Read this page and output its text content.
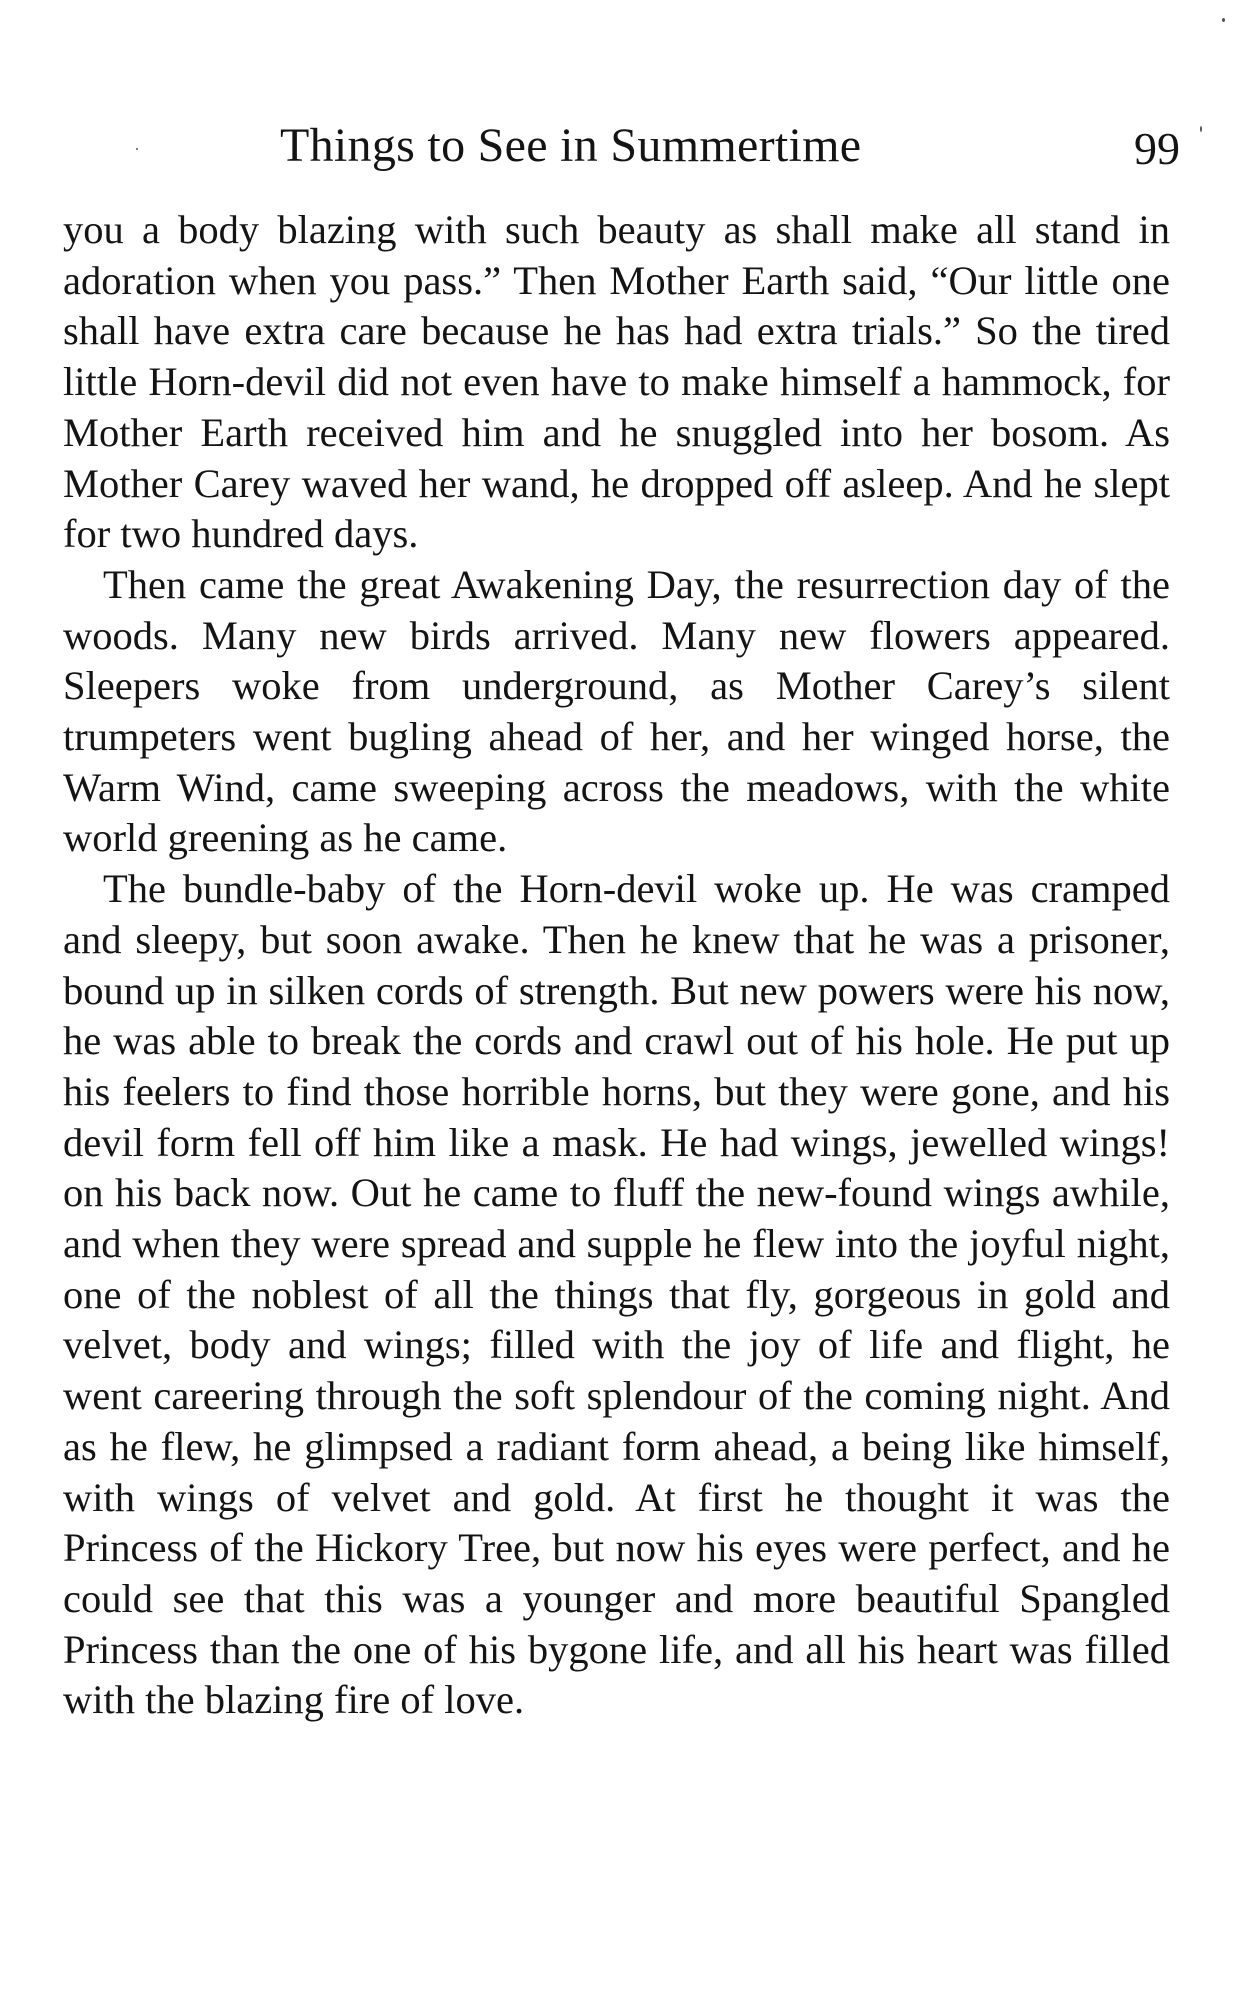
Things to See in Summertime	99

you a body blazing with such beauty as shall make all stand in adoration when you pass.” Then Mother Earth said, “Our little one shall have extra care because he has had extra trials.” So the tired little Horn-devil did not even have to make himself a hammock, for Mother Earth received him and he snuggled into her bosom. As Mother Carey waved her wand, he dropped off asleep. And he slept for two hundred days.

Then came the great Awakening Day, the resurrection day of the woods. Many new birds arrived. Many new flowers appeared. Sleepers woke from underground, as Mother Carey’s silent trumpeters went bugling ahead of her, and her winged horse, the Warm Wind, came sweeping across the meadows, with the white world greening as he came.

The bundle-baby of the Horn-devil woke up. He was cramped and sleepy, but soon awake. Then he knew that he was a prisoner, bound up in silken cords of strength. But new powers were his now, he was able to break the cords and crawl out of his hole. He put up his feelers to find those horrible horns, but they were gone, and his devil form fell off him like a mask. He had wings, jewelled wings! on his back now. Out he came to fluff the new-found wings awhile, and when they were spread and supple he flew into the joyful night, one of the noblest of all the things that fly, gorgeous in gold and velvet, body and wings; filled with the joy of life and flight, he went careering through the soft splendour of the coming night. And as he flew, he glimpsed a radiant form ahead, a being like himself, with wings of velvet and gold. At first he thought it was the Princess of the Hickory Tree, but now his eyes were perfect, and he could see that this was a younger and more beautiful Spangled Princess than the one of his bygone life, and all his heart was filled with the blazing fire of love.
